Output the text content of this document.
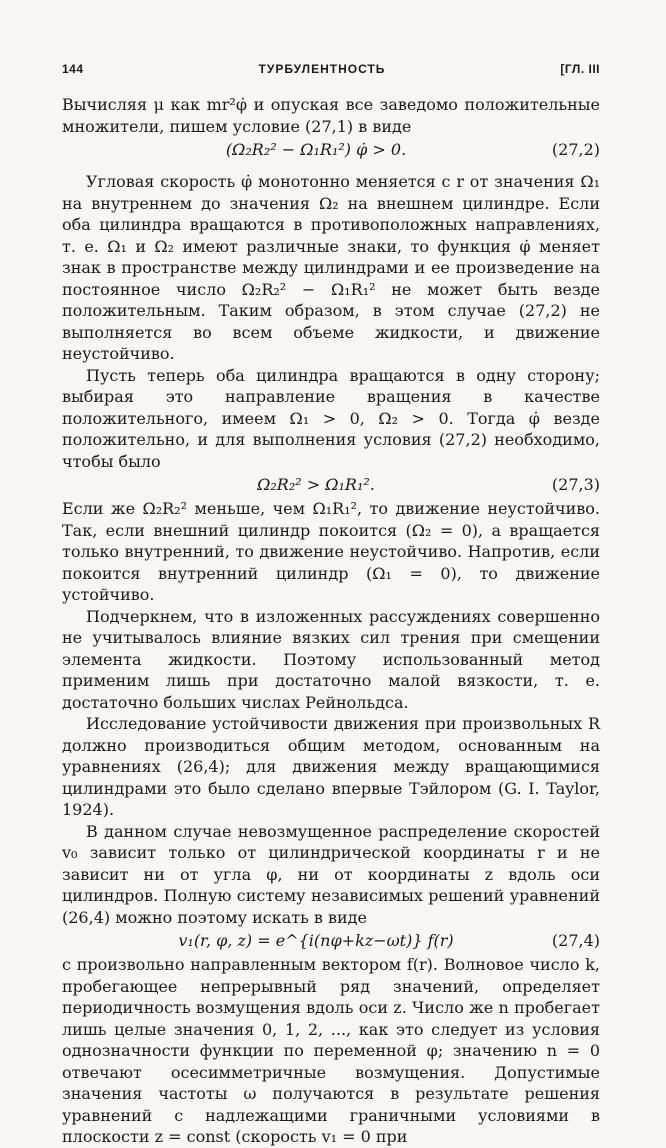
144	ТУРБУЛЕНТНОСТЬ	[ГЛ. III

Вычисляя μ как mr²φ̇ и опуская все заведомо положительные множители, пишем условие (27,1) в виде

(Ω₂R₂² − Ω₁R₁²) φ̇ > 0.	(27,2)

Угловая скорость φ̇ монотонно меняется с r от значения Ω₁ на внутреннем до значения Ω₂ на внешнем цилиндре. Если оба цилиндра вращаются в противоположных направлениях, т. е. Ω₁ и Ω₂ имеют различные знаки, то функция φ̇ меняет знак в пространстве между цилиндрами и ее произведение на постоянное число Ω₂R₂² − Ω₁R₁² не может быть везде положительным. Таким образом, в этом случае (27,2) не выполняется во всем объеме жидкости, и движение неустойчиво.

Пусть теперь оба цилиндра вращаются в одну сторону; выбирая это направление вращения в качестве положительного, имеем Ω₁ > 0, Ω₂ > 0. Тогда φ̇ везде положительно, и для выполнения условия (27,2) необходимо, чтобы было

Ω₂R₂² > Ω₁R₁².	(27,3)

Если же Ω₂R₂² меньше, чем Ω₁R₁², то движение неустойчиво. Так, если внешний цилиндр покоится (Ω₂ = 0), а вращается только внутренний, то движение неустойчиво. Напротив, если покоится внутренний цилиндр (Ω₁ = 0), то движение устойчиво.

Подчеркнем, что в изложенных рассуждениях совершенно не учитывалось влияние вязких сил трения при смещении элемента жидкости. Поэтому использованный метод применим лишь при достаточно малой вязкости, т. е. достаточно больших числах Рейнольдса.

Исследование устойчивости движения при произвольных R должно производиться общим методом, основанным на уравнениях (26,4); для движения между вращающимися цилиндрами это было сделано впервые Тэйлором (G. I. Taylor, 1924).

В данном случае невозмущенное распределение скоростей v₀ зависит только от цилиндрической координаты r и не зависит ни от угла φ, ни от координаты z вдоль оси цилиндров. Полную систему независимых решений уравнений (26,4) можно поэтому искать в виде

v₁(r, φ, z) = e^{i(nφ+kz−ωt)} f(r)	(27,4)

с произвольно направленным вектором f(r). Волновое число k, пробегающее непрерывный ряд значений, определяет периодичность возмущения вдоль оси z. Число же n пробегает лишь целые значения 0, 1, 2, ..., как это следует из условия однозначности функции по переменной φ; значению n = 0 отвечают осесимметричные возмущения. Допустимые значения частоты ω получаются в результате решения уравнений с надлежащими граничными условиями в плоскости z = const (скорость v₁ = 0 при
